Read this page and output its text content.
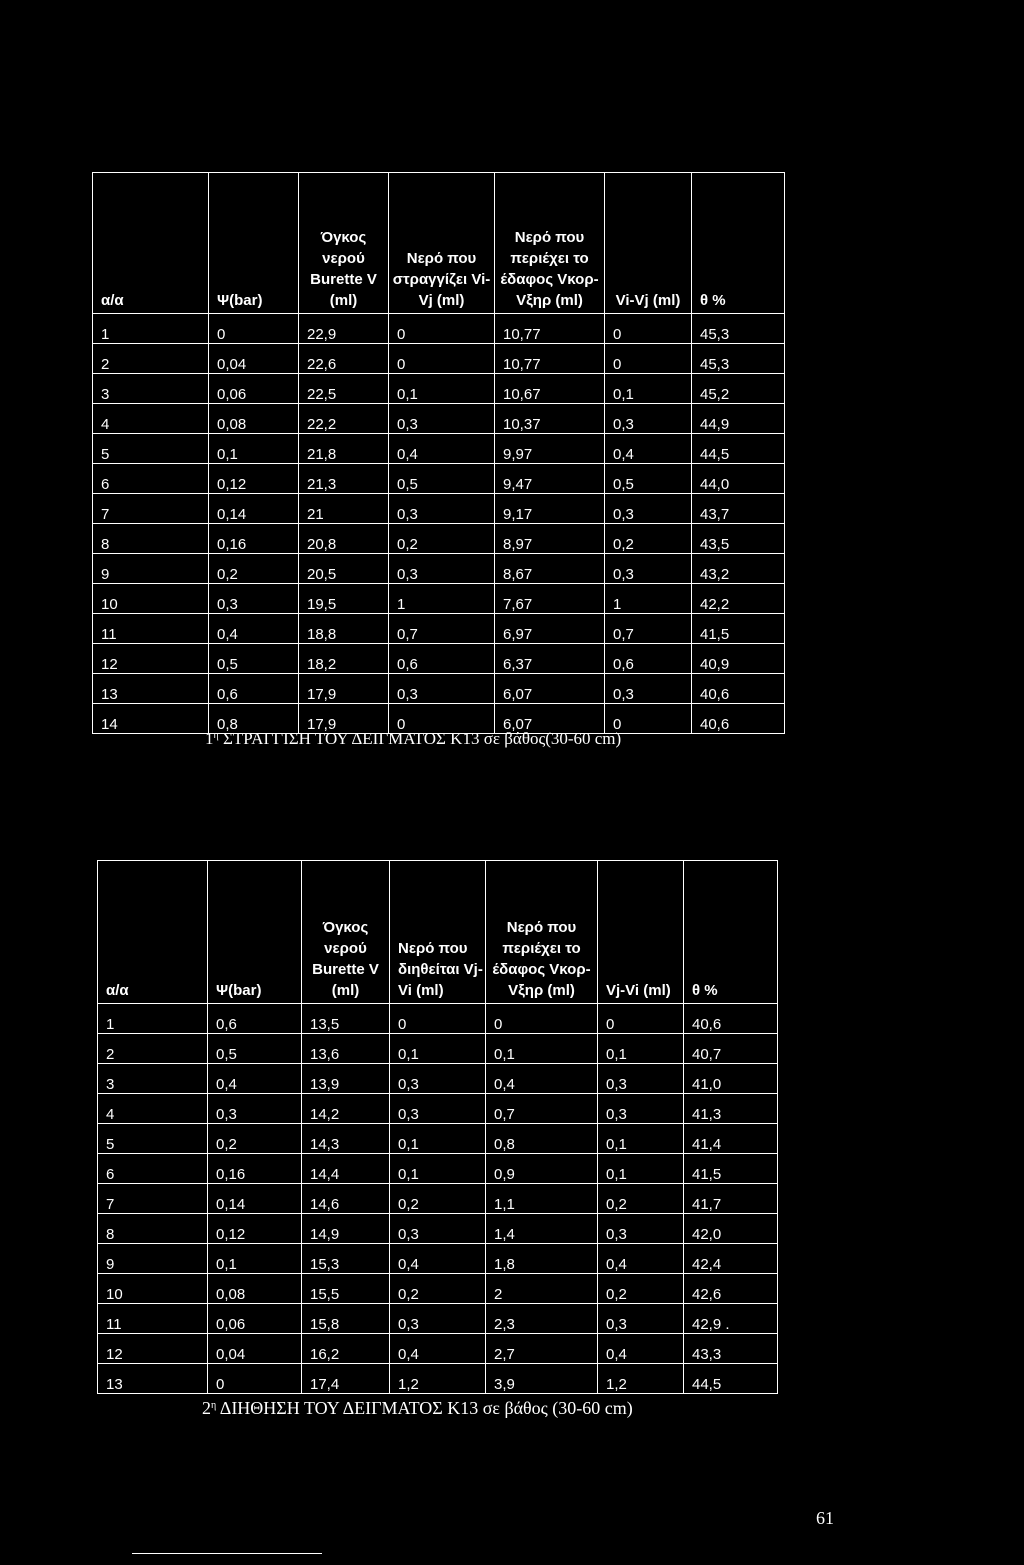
α/α	Ψ(bar)	Όγκος νερού Burette V (ml)	Νερό που στραγγίζει Vi-Vj (ml)	Νερό που περιέχει το έδαφος Vκορ-Vξηρ (ml)	Vi-Vj (ml)	θ %
1	0	22,9	0	10,77	0	45,3
2	0,04	22,6	0	10,77	0	45,3
3	0,06	22,5	0,1	10,67	0,1	45,2
4	0,08	22,2	0,3	10,37	0,3	44,9
5	0,1	21,8	0,4	9,97	0,4	44,5
6	0,12	21,3	0,5	9,47	0,5	44,0
7	0,14	21	0,3	9,17	0,3	43,7
8	0,16	20,8	0,2	8,97	0,2	43,5
9	0,2	20,5	0,3	8,67	0,3	43,2
10	0,3	19,5	1	7,67	1	42,2
11	0,4	18,8	0,7	6,97	0,7	41,5
12	0,5	18,2	0,6	6,37	0,6	40,9
13	0,6	17,9	0,3	6,07	0,3	40,6
14	0,8	17,9	0	6,07	0	40,6
$1^\eta$ ΣΤΡΑΓΓΙΣΗ ΤΟΥ ΔΕΙΓΜΑΤΟΣ Κ13 σε βάθος(30-60 cm)
α/α	Ψ(bar)	Όγκος νερού Burette V (ml)	Νερό που διηθείται Vj-Vi (ml)	Νερό που περιέχει το έδαφος Vκορ-Vξηρ (ml)	Vj-Vi (ml)	θ %
1	0,6	13,5	0	0	0	40,6
2	0,5	13,6	0,1	0,1	0,1	40,7
3	0,4	13,9	0,3	0,4	0,3	41,0
4	0,3	14,2	0,3	0,7	0,3	41,3
5	0,2	14,3	0,1	0,8	0,1	41,4
6	0,16	14,4	0,1	0,9	0,1	41,5
7	0,14	14,6	0,2	1,1	0,2	41,7
8	0,12	14,9	0,3	1,4	0,3	42,0
9	0,1	15,3	0,4	1,8	0,4	42,4
10	0,08	15,5	0,2	2	0,2	42,6
11	0,06	15,8	0,3	2,3	0,3	42,9 .
12	0,04	16,2	0,4	2,7	0,4	43,3
13	0	17,4	1,2	3,9	1,2	44,5
$2^\eta$ ΔΙΗΘΗΣΗ ΤΟΥ ΔΕΙΓΜΑΤΟΣ Κ13 σε βάθος (30-60 cm)
61
